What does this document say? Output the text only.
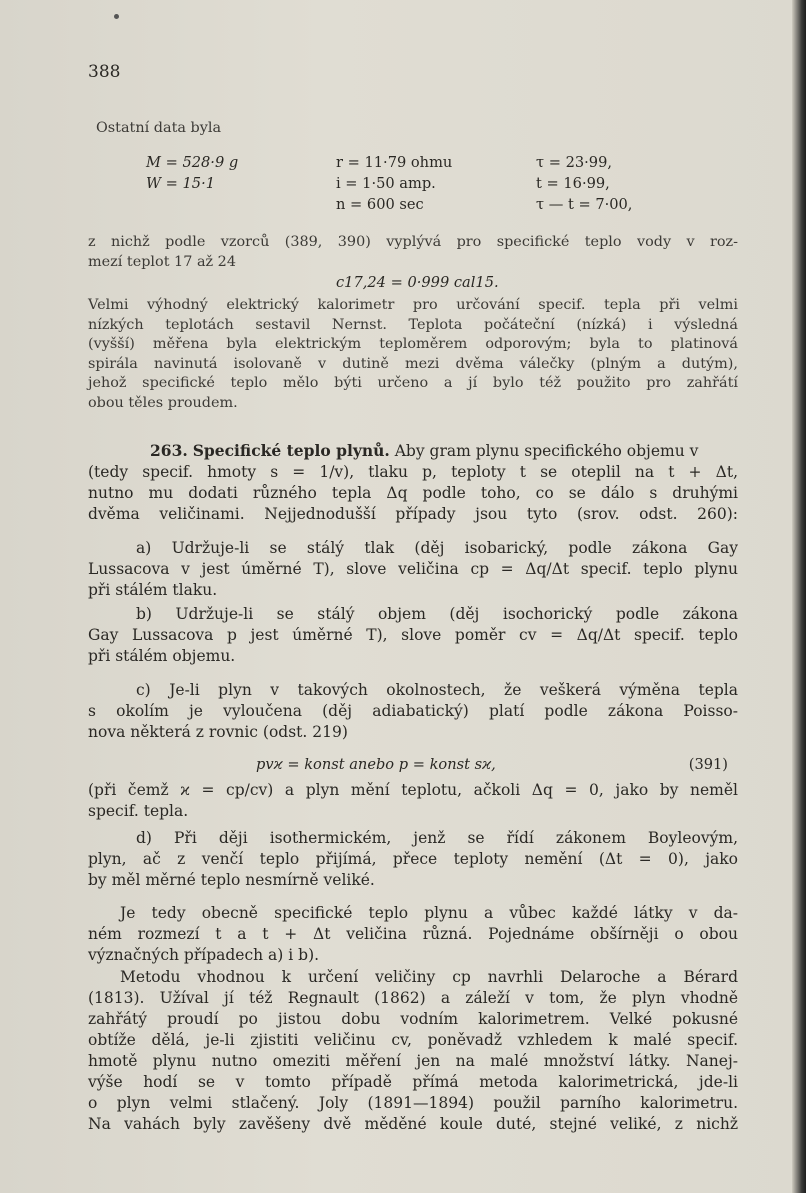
388
Ostatní data byla
M = 528·9 g
W = 15·1
r = 11·79 ohmu
i = 1·50 amp.
n = 600 sec
τ = 23·99,
t = 16·99,
τ — t = 7·00,
z nichž podle vzorců (389, 390) vyplývá pro specifické teplo vody v roz-
mezí teplot 17 až 24
c17,24 = 0·999 cal15.
Velmi výhodný elektrický kalorimetr pro určování specif. tepla při velmi
nízkých teplotách sestavil Nernst. Teplota počáteční (nízká) i výsledná
(vyšší) měřena byla elektrickým teploměrem odporovým; byla to platinová
spirála navinutá isolovaně v dutině mezi dvěma válečky (plným a dutým),
jehož specifické teplo mělo býti určeno a jí bylo též použito pro zahřátí
obou těles proudem.
263. Specifické teplo plynů. Aby gram plynu specifického objemu v
(tedy specif. hmoty s = 1/v), tlaku p, teploty t se oteplil na t + Δt,
nutno mu dodati různého tepla Δq podle toho, co se dálo s druhými
dvěma veličinami. Nejjednodušší případy jsou tyto (srov. odst. 260):
a) Udržuje-li se stálý tlak (děj isobarický, podle zákona Gay
Lussacova v jest úměrné T), slove veličina cp = Δq/Δt specif. teplo plynu
při stálém tlaku.
b) Udržuje-li se stálý objem (děj isochorický podle zákona
Gay Lussacova p jest úměrné T), slove poměr cv = Δq/Δt specif. teplo
při stálém objemu.
c) Je-li plyn v takových okolnostech, že veškerá výměna tepla
s okolím je vyloučena (děj adiabatický) platí podle zákona Poisso-
nova některá z rovnic (odst. 219)
pvϰ = konst anebo p = konst sϰ,	(391)
(při čemž ϰ = cp/cv) a plyn mění teplotu, ačkoli Δq = 0, jako by neměl
specif. tepla.
d) Při ději isothermickém, jenž se řídí zákonem Boyleovým,
plyn, ač z venčí teplo přijímá, přece teploty nemění (Δt = 0), jako
by měl měrné teplo nesmírně veliké.
Je tedy obecně specifické teplo plynu a vůbec každé látky v da-
ném rozmezí t a t + Δt veličina různá. Pojednáme obšírněji o obou
význačných případech a) i b).
Metodu vhodnou k určení veličiny cp navrhli Delaroche a Bérard
(1813). Užíval jí též Regnault (1862) a záleží v tom, že plyn vhodně
zahřátý proudí po jistou dobu vodním kalorimetrem. Velké pokusné
obtíže dělá, je-li zjistiti veličinu cv, poněvadž vzhledem k malé specif.
hmotě plynu nutno omeziti měření jen na malé množství látky. Nanej-
výše hodí se v tomto případě přímá metoda kalorimetrická, jde-li
o plyn velmi stlačený. Joly (1891—1894) použil parního kalorimetru.
Na vahách byly zavěšeny dvě měděné koule duté, stejné veliké, z nichž
